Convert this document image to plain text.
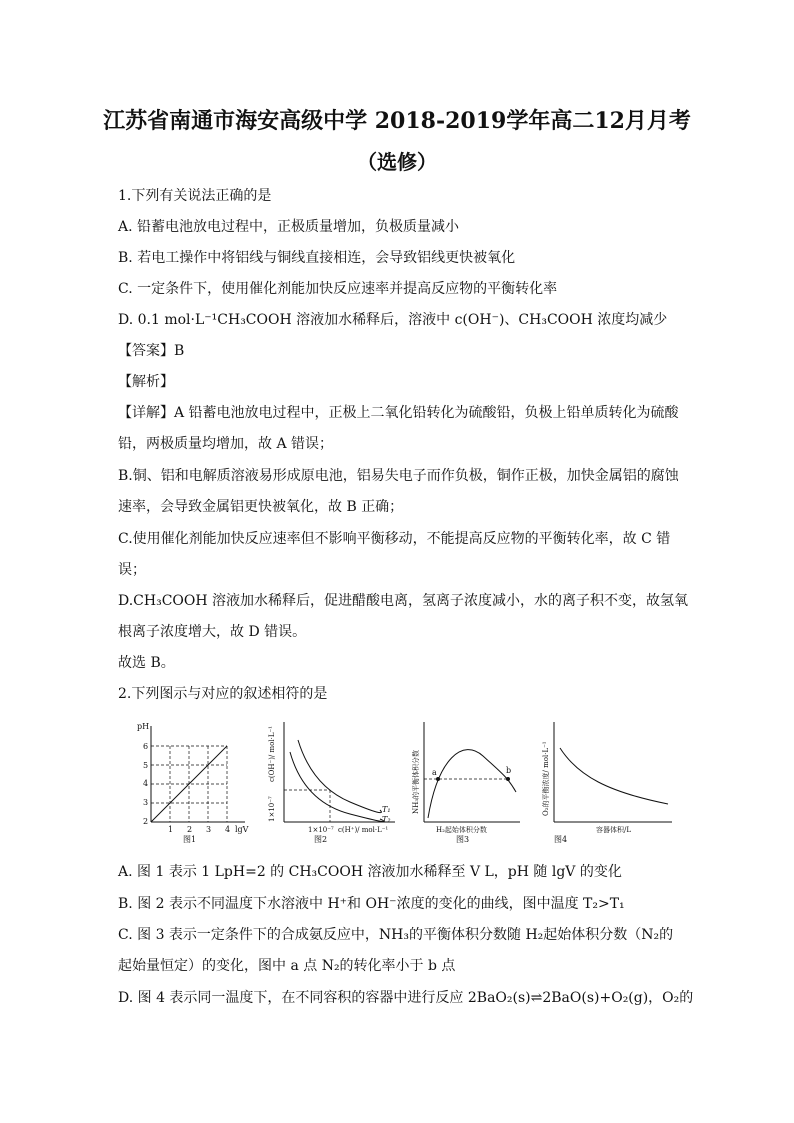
江苏省南通市海安高级中学 2018-2019学年高二12月月考
（选修）
1.下列有关说法正确的是
A. 铅蓄电池放电过程中，正极质量增加，负极质量减小
B. 若电工操作中将铝线与铜线直接相连，会导致铝线更快被氧化
C. 一定条件下，使用催化剂能加快反应速率并提高反应物的平衡转化率
D. 0.1 mol·L⁻¹CH₃COOH 溶液加水稀释后，溶液中 c(OH⁻)、CH₃COOH 浓度均减少
【答案】B
【解析】
【详解】A 铅蓄电池放电过程中，正极上二氧化铅转化为硫酸铅，负极上铅单质转化为硫酸
铅，两极质量均增加，故 A 错误；
B.铜、铝和电解质溶液易形成原电池，铝易失电子而作负极，铜作正极，加快金属铝的腐蚀
速率，会导致金属铝更快被氧化，故 B 正确；
C.使用催化剂能加快反应速率但不影响平衡移动，不能提高反应物的平衡转化率，故 C 错
误；
D.CH₃COOH 溶液加水稀释后，促进醋酸电离，氢离子浓度减小，水的离子积不变，故氢氧
根离子浓度增大，故 D 错误。
故选 B。
2.下列图示与对应的叙述相符的是
pH
6
5
4
3
2
1 2 3 4 lgV
图1
c(OH⁻)/ mol·L⁻¹
1×10⁻⁷	T₁
T₂
1×10⁻⁷ c(H⁺)/ mol·L⁻¹
图2
NH₃的平衡体积分数 a	b
H₂起始体积分数
图3
O₂的平衡浓度/ mol·L⁻¹
容器体积/L
图4
A. 图 1 表示 1 LpH=2 的 CH₃COOH 溶液加水稀释至 V L，pH 随 lgV 的变化
B. 图 2 表示不同温度下水溶液中 H⁺和 OH⁻浓度的变化的曲线，图中温度 T₂>T₁
C. 图 3 表示一定条件下的合成氨反应中，NH₃的平衡体积分数随 H₂起始体积分数（N₂的
起始量恒定）的变化，图中 a 点 N₂的转化率小于 b 点
D. 图 4 表示同一温度下，在不同容积的容器中进行反应 2BaO₂(s)⇌2BaO(s)+O₂(g)，O₂的
